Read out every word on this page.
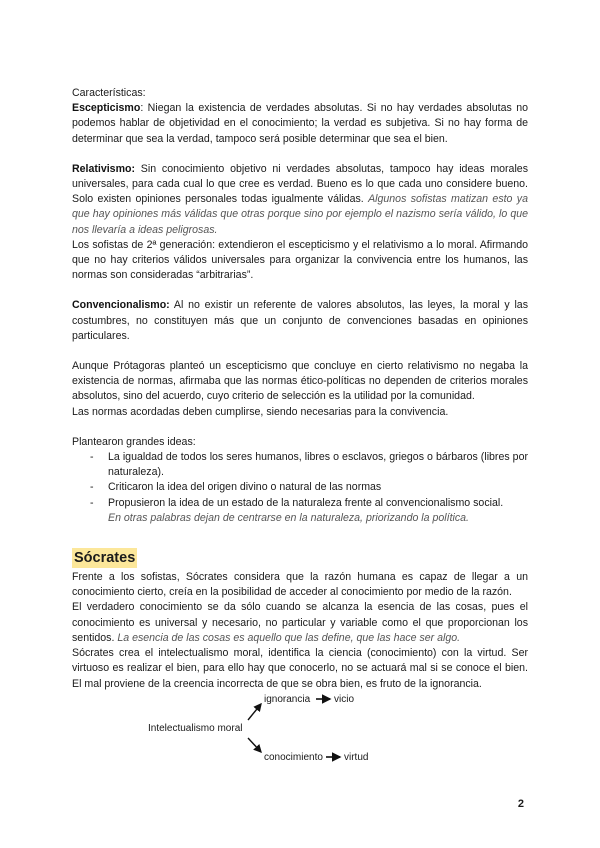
Características:

Escepticismo: Niegan la existencia de verdades absolutas. Si no hay verdades absolutas no podemos hablar de objetividad en el conocimiento; la verdad es subjetiva. Si no hay forma de determinar que sea la verdad, tampoco será posible determinar que sea el bien.

Relativismo: Sin conocimiento objetivo ni verdades absolutas, tampoco hay ideas morales universales, para cada cual lo que cree es verdad. Bueno es lo que cada uno considere bueno. Solo existen opiniones personales todas igualmente válidas. Algunos sofistas matizan esto ya que hay opiniones más válidas que otras porque sino por ejemplo el nazismo sería válido, lo que nos llevaría a ideas peligrosas.

Los sofistas de 2ª generación: extendieron el escepticismo y el relativismo a lo moral. Afirmando que no hay criterios válidos universales para organizar la convivencia entre los humanos, las normas son consideradas “arbitrarias”.

Convencionalismo: Al no existir un referente de valores absolutos, las leyes, la moral y las costumbres, no constituyen más que un conjunto de convenciones basadas en opiniones particulares.

Aunque Prótagoras planteó un escepticismo que concluye en cierto relativismo no negaba la existencia de normas, afirmaba que las normas ético-políticas no dependen de criterios morales absolutos, sino del acuerdo, cuyo criterio de selección es la utilidad por la comunidad.

Las normas acordadas deben cumplirse, siendo necesarias para la convivencia.

Plantearon grandes ideas:

- La igualdad de todos los seres humanos, libres o esclavos, griegos o bárbaros (libres por naturaleza).
- Criticaron la idea del origen divino o natural de las normas
- Propusieron la idea de un estado de la naturaleza frente al convencionalismo social.
En otras palabras dejan de centrarse en la naturaleza, priorizando la política.
Sócrates

Frente a los sofistas, Sócrates considera que la razón humana es capaz de llegar a un conocimiento cierto, creía en la posibilidad de acceder al conocimiento por medio de la razón.

El verdadero conocimiento se da sólo cuando se alcanza la esencia de las cosas, pues el conocimiento es universal y necesario, no particular y variable como el que proporcionan los sentidos. La esencia de las cosas es aquello que las define, que las hace ser algo.

Sócrates crea el intelectualismo moral, identifica la ciencia (conocimiento) con la virtud. Ser virtuoso es realizar el bien, para ello hay que conocerlo, no se actuará mal si se conoce el bien. El mal proviene de la creencia incorrecta de que se obra bien, es fruto de la ignorancia.

Intelectualismo moral
ignorancia vicio
conocimiento virtud
2
